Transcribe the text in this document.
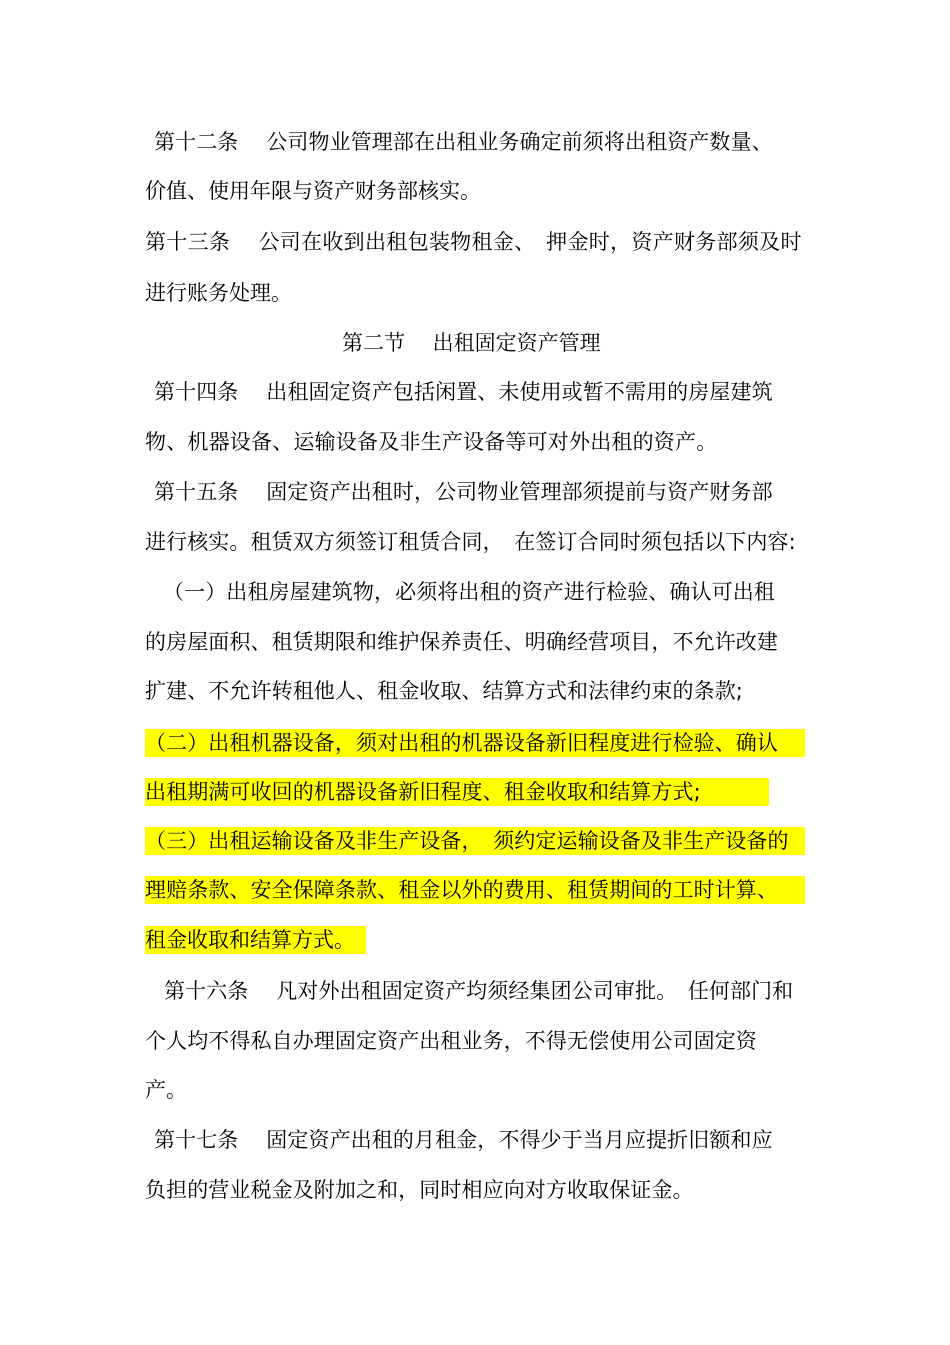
第十二条　 公司物业管理部在出租业务确定前须将出租资产数量、
价值、使用年限与资产财务部核实。
第十三条　 公司在收到出租包装物租金、　押金时，资产财务部须及时
进行账务处理。
第二节　 出租固定资产管理
第十四条　 出租固定资产包括闲置、未使用或暂不需用的房屋建筑
物、机器设备、运输设备及非生产设备等可对外出租的资产。
第十五条　 固定资产出租时，公司物业管理部须提前与资产财务部
进行核实。租赁双方须签订租赁合同，　在签订合同时须包括以下内容:
（一）出租房屋建筑物，必须将出租的资产进行检验、确认可出租
的房屋面积、租赁期限和维护保养责任、明确经营项目，不允许改建
扩建、不允许转租他人、租金收取、结算方式和法律约束的条款;
（二）出租机器设备，须对出租的机器设备新旧程度进行检验、确认
出租期满可收回的机器设备新旧程度、租金收取和结算方式;
（三）出租运输设备及非生产设备，　须约定运输设备及非生产设备的
理赔条款、安全保障条款、租金以外的费用、租赁期间的工时计算、
租金收取和结算方式。
第十六条　 凡对外出租固定资产均须经集团公司审批。　任何部门和
个人均不得私自办理固定资产出租业务，不得无偿使用公司固定资
产。
第十七条　 固定资产出租的月租金，不得少于当月应提折旧额和应
负担的营业税金及附加之和，同时相应向对方收取保证金。
